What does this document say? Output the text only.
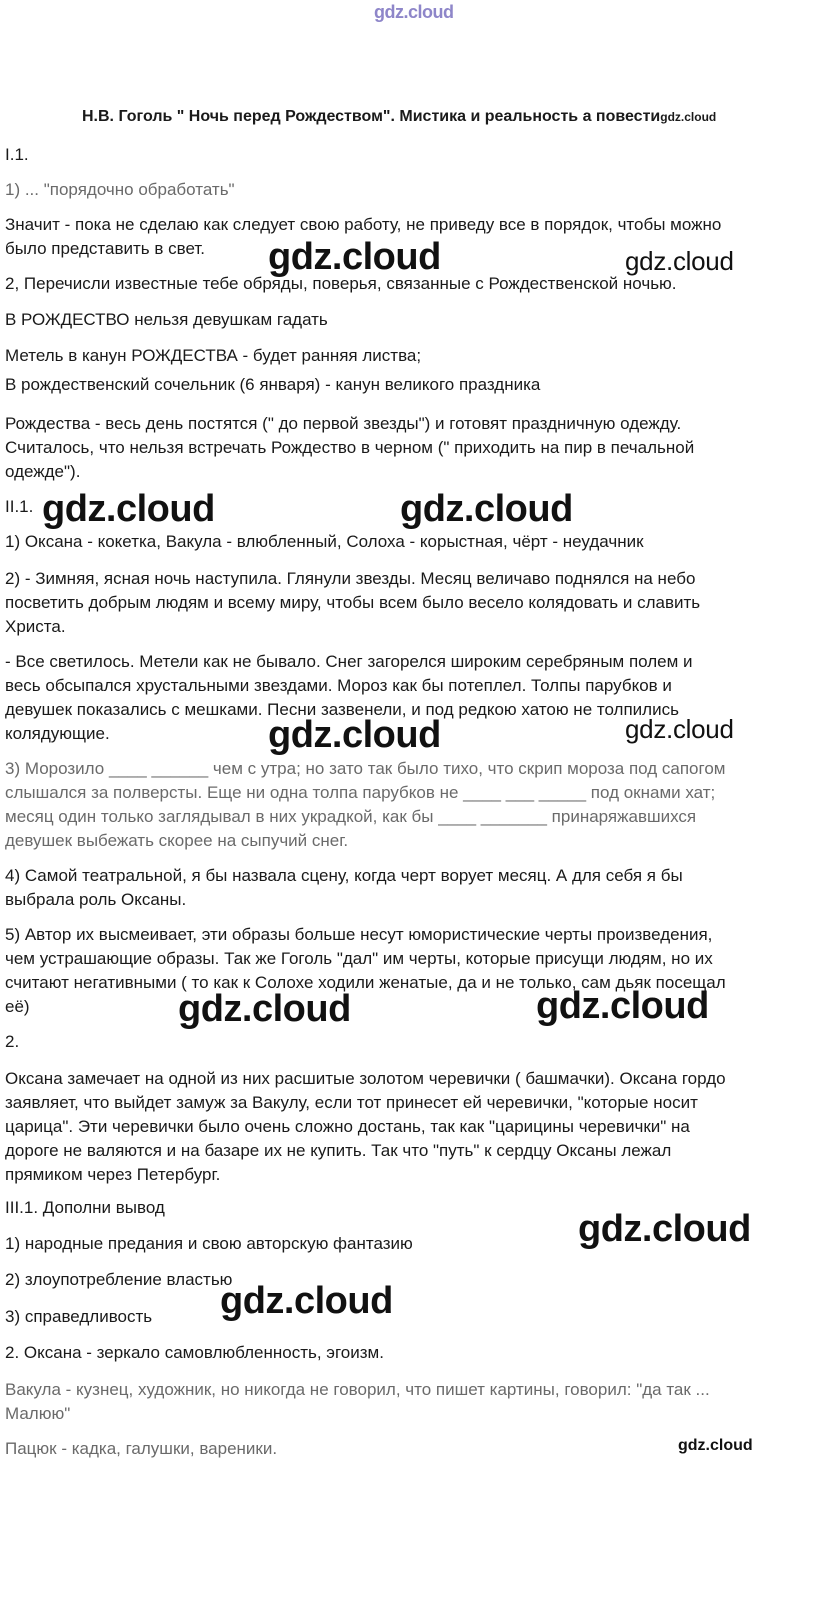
gdz.cloud
Н.В. Гоголь " Ночь перед Рождеством". Мистика и реальность а повестиgdz.cloud
I.1.
1) ... "порядочно обработать"
Значит - пока не сделаю как следует свою работу, не приведу все в порядок, чтобы можно
было представить в свет.
2, Перечисли известные тебе обряды, поверья, связанные с Рождественской ночью.
В РОЖДЕСТВО нельзя девушкам гадать
Метель в канун РОЖДЕСТВА - будет ранняя листва;
В рождественский сочельник (6 января) - канун великого праздника
Рождества - весь день постятся (" до первой звезды") и готовят праздничную одежду.
Считалось, что нельзя встречать Рождество в черном (" приходить на пир в печальной
одежде").
II.1.
1) Оксана - кокетка, Вакула - влюбленный, Солоха - корыстная, чёрт - неудачник
2) - Зимняя, ясная ночь наступила. Глянули звезды. Месяц величаво поднялся на небо
посветить добрым людям и всему миру, чтобы всем было весело колядовать и славить
Христа.
- Все светилось. Метели как не бывало. Снег загорелся широким серебряным полем и
весь обсыпался хрустальными звездами. Мороз как бы потеплел. Толпы парубков и
девушек показались с мешками. Песни зазвенели, и под редкою хатою не толпились
колядующие.
3) Морозило ____ ______ чем с утра; но зато так было тихо, что скрип мороза под сапогом
слышался за полверсты. Еще ни одна толпа парубков не ____ ___ _____ под окнами хат;
месяц один только заглядывал в них украдкой, как бы ____ _______ принаряжавшихся
девушек выбежать скорее на сыпучий снег.
4) Самой театральной, я бы назвала сцену, когда черт ворует месяц. А для себя я бы
выбрала роль Оксаны.
5) Автор их высмеивает, эти образы больше несут юмористические черты произведения,
чем устрашающие образы. Так же Гоголь "дал" им черты, которые присущи людям, но их
считают негативными ( то как к Солохе ходили женатые, да и не только, сам дьяк посещал
её)
2.
Оксана замечает на одной из них расшитые золотом черевички ( башмачки). Оксана гордо
заявляет, что выйдет замуж за Вакулу, если тот принесет ей черевички, "которые носит
царица". Эти черевички было очень сложно достань, так как "царицины черевички" на
дороге не валяются и на базаре их не купить. Так что "путь" к сердцу Оксаны лежал
прямиком через Петербург.
III.1. Дополни вывод
1) народные предания и свою авторскую фантазию
2) злоупотребление властью
3) справедливость
2. Оксана - зеркало самовлюбленность, эгоизм.
Вакула - кузнец, художник, но никогда не говорил, что пишет картины, говорил: "да так ...
Малюю"
Пацюк - кадка, галушки, вареники.
gdz.cloud	gdz.cloud
gdz.cloud	gdz.cloud
gdz.cloud	gdz.cloud
gdz.cloud	gdz.cloud
gdz.cloud
gdz.cloud
gdz.cloud
